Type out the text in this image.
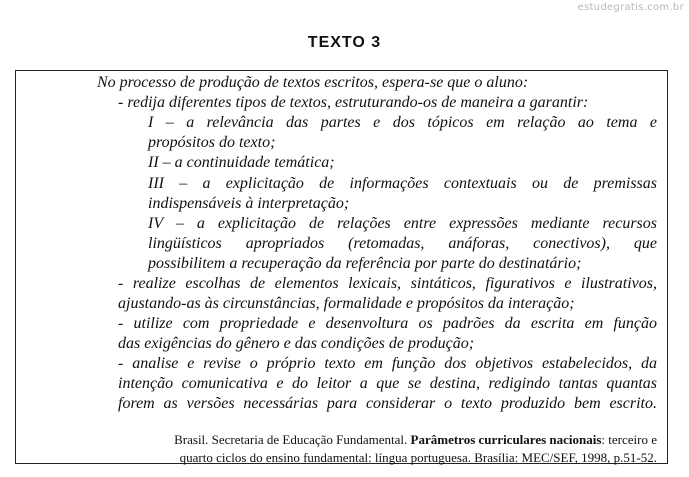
estudegratis.com.br
TEXTO 3
No processo de produção de textos escritos, espera-se que o aluno:
- redija diferentes tipos de textos, estruturando-os de maneira a garantir:
I – a relevância das partes e dos tópicos em relação ao tema e
propósitos do texto;
II – a continuidade temática;
III – a explicitação de informações contextuais ou de premissas
indispensáveis à interpretação;
IV – a explicitação de relações entre expressões mediante recursos
lingüísticos apropriados (retomadas, anáforas, conectivos), que
possibilitem a recuperação da referência por parte do destinatário;
- realize escolhas de elementos lexicais, sintáticos, figurativos e ilustrativos,
ajustando-as às circunstâncias, formalidade e propósitos da interação;
- utilize com propriedade e desenvoltura os padrões da escrita em função
das exigências do gênero e das condições de produção;
- analise e revise o próprio texto em função dos objetivos estabelecidos, da
intenção comunicativa e do leitor a que se destina, redigindo tantas quantas
forem as versões necessárias para considerar o texto produzido bem escrito.
Brasil. Secretaria de Educação Fundamental. Parâmetros curriculares nacionais: terceiro e
quarto ciclos do ensino fundamental: língua portuguesa. Brasília: MEC/SEF, 1998, p.51-52.
